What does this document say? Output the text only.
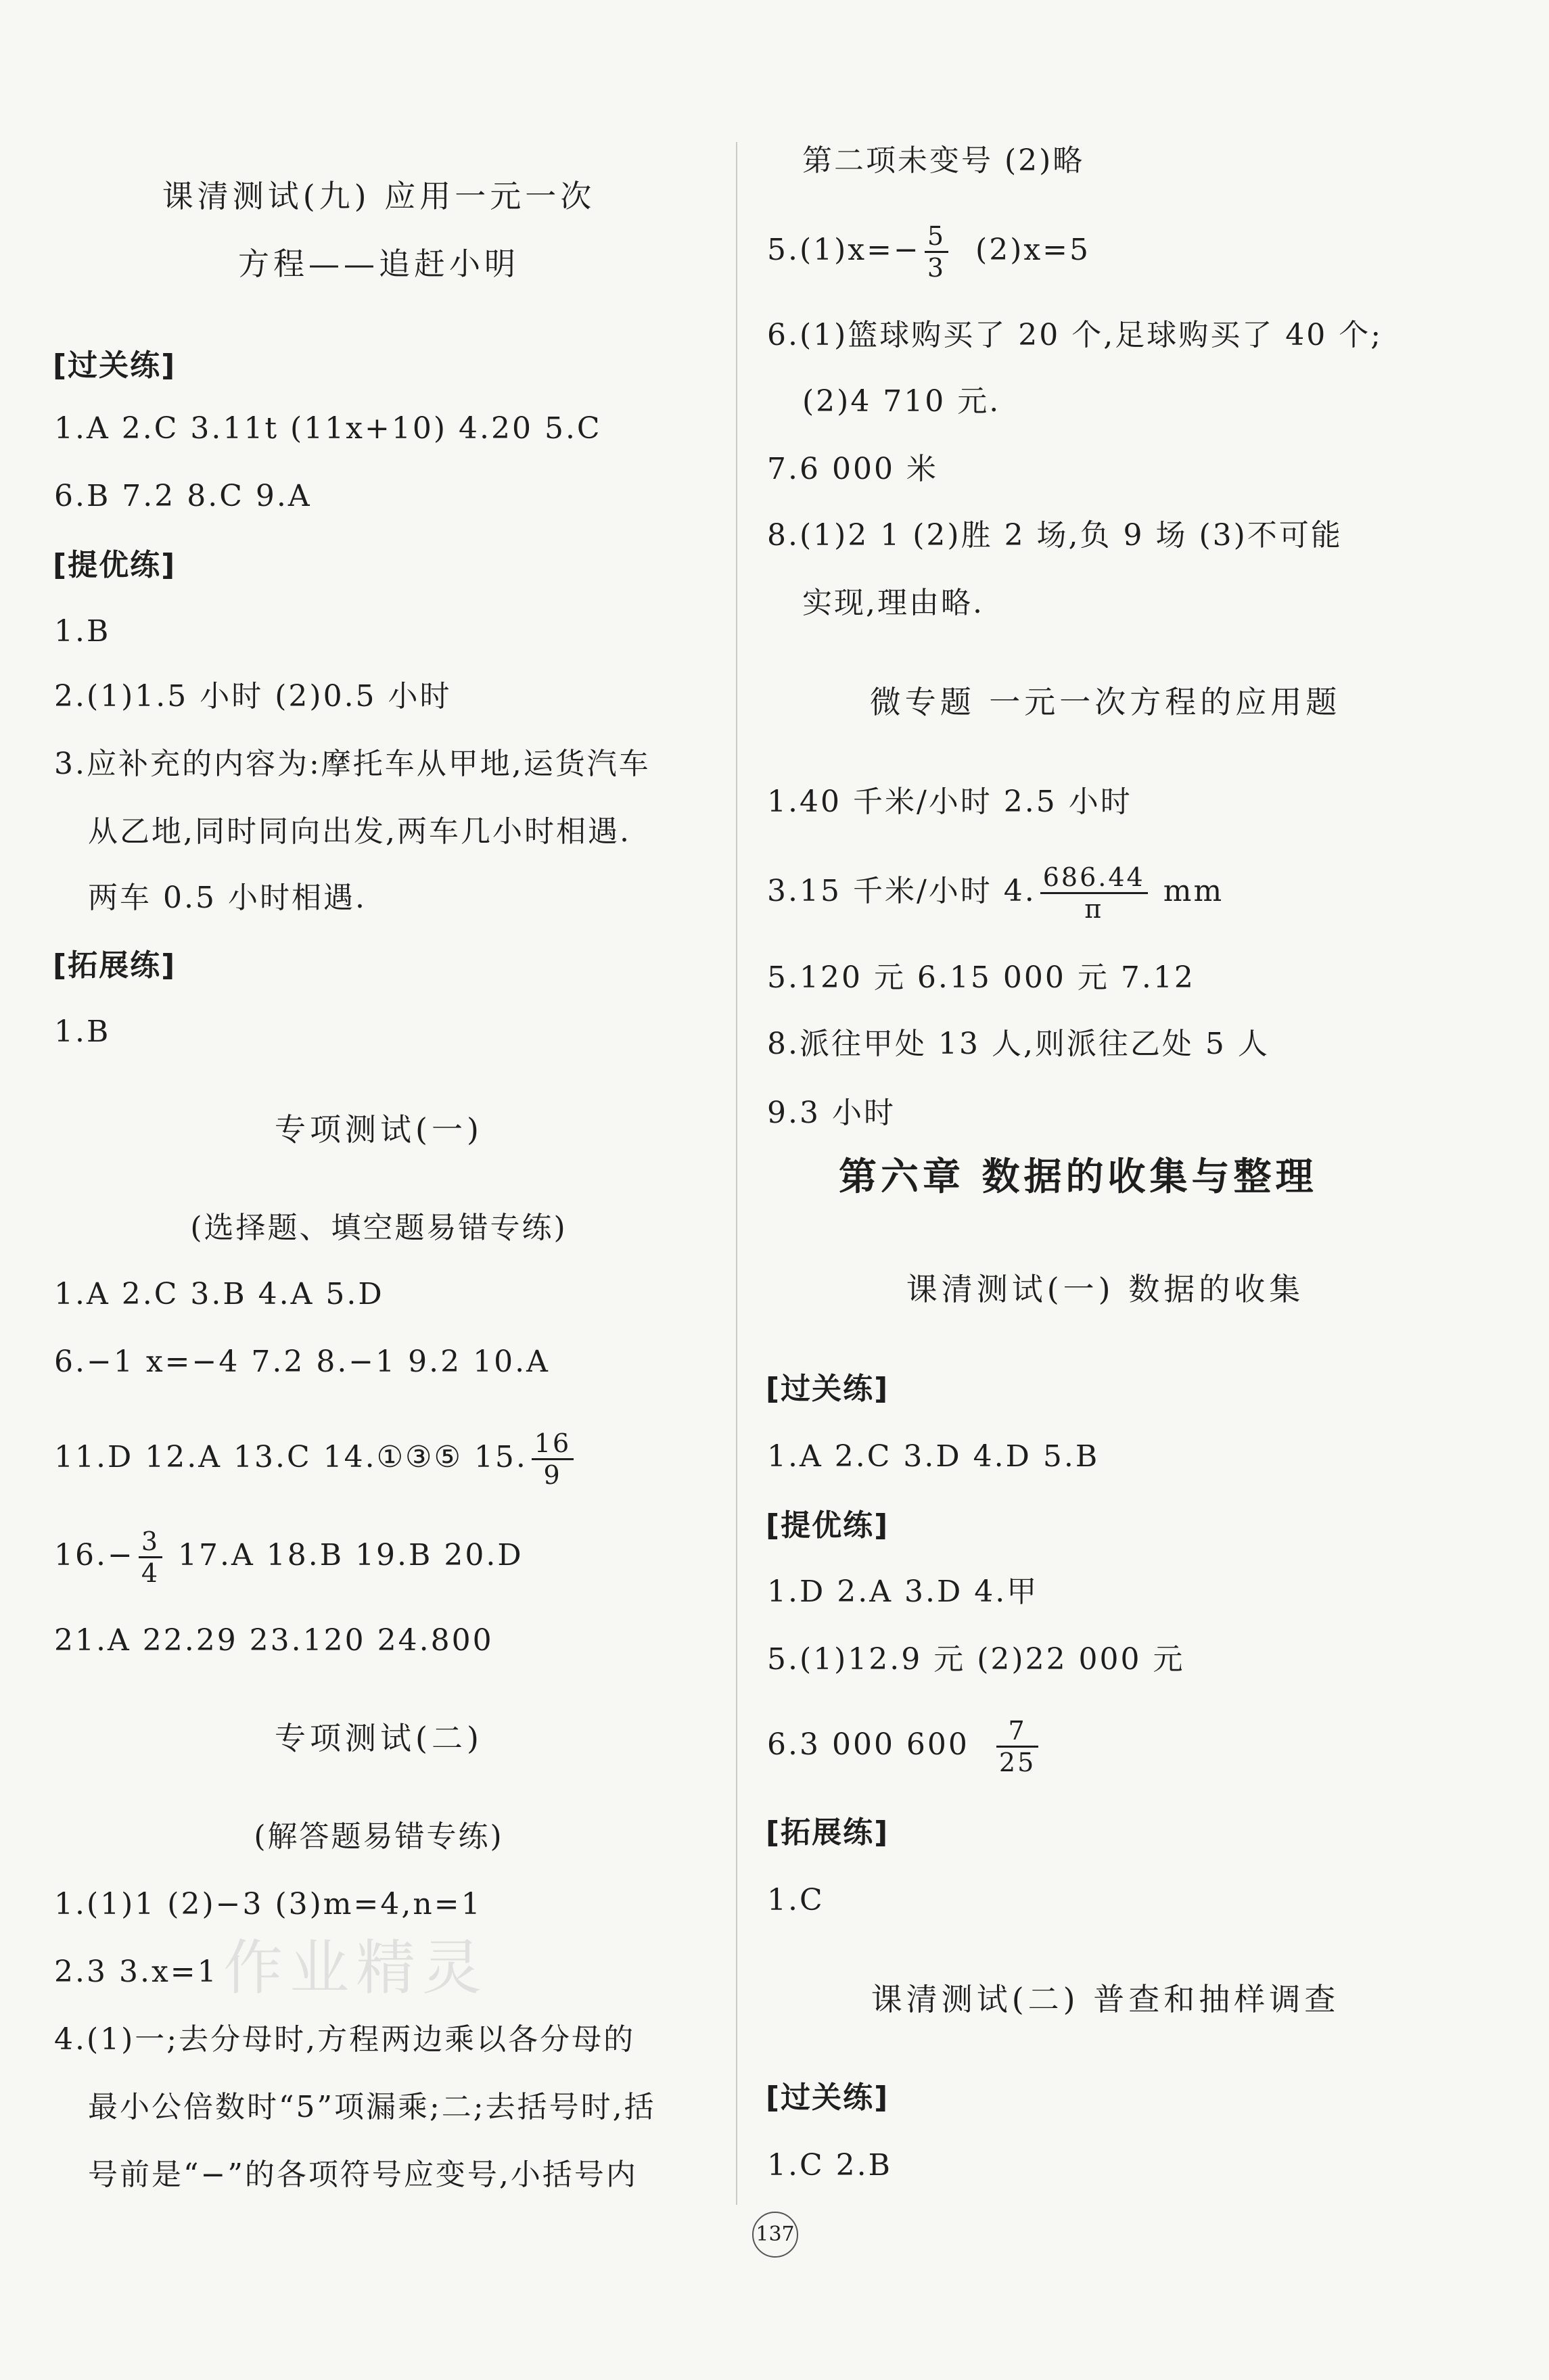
课清测试(九) 应用一元一次
方程——追赶小明
[过关练]
1.A 2.C 3.11t (11x+10) 4.20 5.C
6.B 7.2 8.C 9.A
[提优练]
1.B
2.(1)1.5 小时 (2)0.5 小时
3.应补充的内容为:摩托车从甲地,运货汽车
从乙地,同时同向出发,两车几小时相遇.
两车 0.5 小时相遇.
[拓展练]
1.B
专项测试(一)
(选择题、填空题易错专练)
1.A 2.C 3.B 4.A 5.D
6.−1 x=−4 7.2 8.−1 9.2 10.A
11.D 12.A 13.C 14.①③⑤ 15. $\frac{16}{9}$
$16.- \frac{3}{4} 17.A$ 18.B 19.B 20.D
21.A 22.29 23.120 24.800
专项测试(二)
(解答题易错专练)
1.(1)1 (2)−3 (3)m=4,n=1
2.3 3.x=1
4.(1)一;去分母时,方程两边乘以各分母的
最小公倍数时“5”项漏乘;二;去括号时,括
号前是“−”的各项符号应变号,小括号内
第二项未变号 (2)略
$5.(1)x=- \frac{5}{3} (2)x=5$
6.(1)篮球购买了 20 个,足球购买了 40 个;
(2)4 710 元.
7.6 000 米
8.(1)2 1 (2)胜 2 场,负 9 场 (3)不可能
实现,理由略.
微专题 一元一次方程的应用题
1.40 千米/小时 2.5 小时
3.15 千米/小时 4. $\frac{686.44}{\pi}$ mm
5.120 元 6.15 000 元 7.12
8.派往甲处 13 人,则派往乙处 5 人
9.3 小时
第六章 数据的收集与整理
课清测试(一) 数据的收集
[过关练]
1.A 2.C 3.D 4.D 5.B
[提优练]
1.D 2.A 3.D 4.甲
5.(1)12.9 元 (2)22 000 元
6.3 000 $600 \frac{7}{25}$
[拓展练]
1.C
课清测试(二) 普查和抽样调查
[过关练]
1.C 2.B
作业精灵
137
